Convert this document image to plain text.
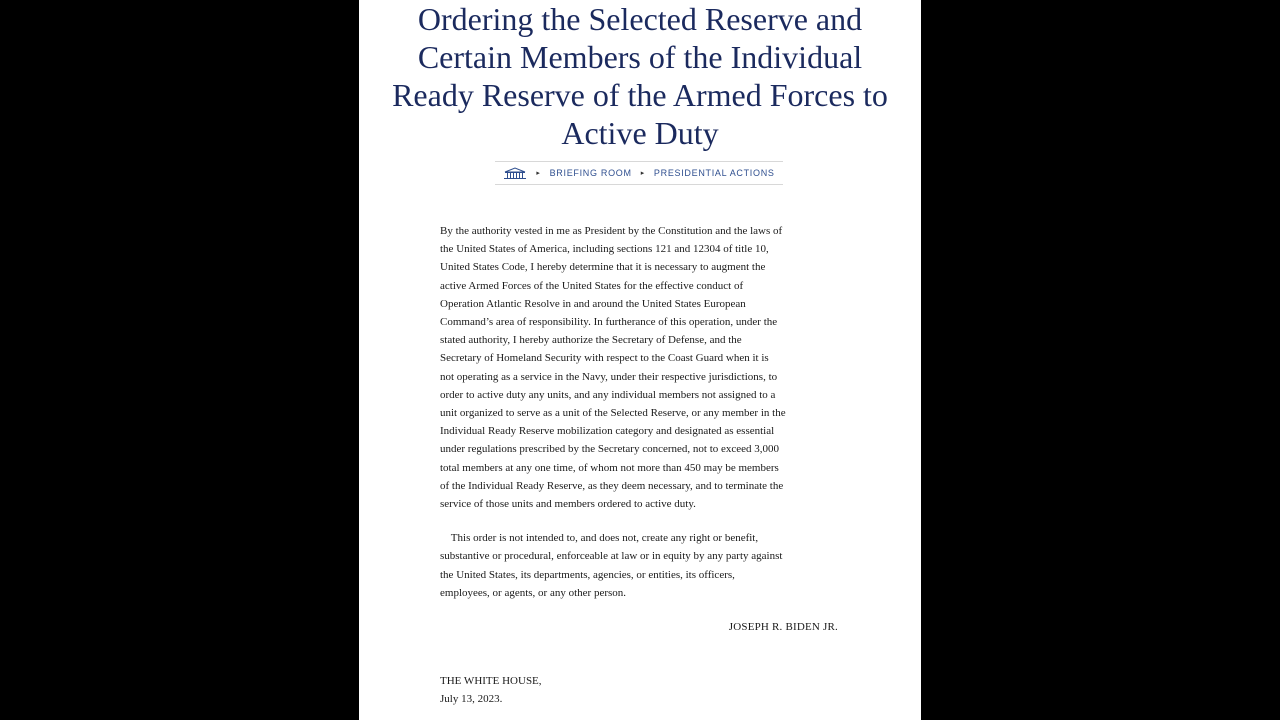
Ordering the Selected Reserve and
Certain Members of the Individual
Ready Reserve of the Armed Forces to
Active Duty
▸ BRIEFING ROOM ▸ PRESIDENTIAL ACTIONS

By the authority vested in me as President by the Constitution and the laws of
the United States of America, including sections 121 and 12304 of title 10,
United States Code, I hereby determine that it is necessary to augment the
active Armed Forces of the United States for the effective conduct of
Operation Atlantic Resolve in and around the United States European
Command’s area of responsibility. In furtherance of this operation, under the
stated authority, I hereby authorize the Secretary of Defense, and the
Secretary of Homeland Security with respect to the Coast Guard when it is
not operating as a service in the Navy, under their respective jurisdictions, to
order to active duty any units, and any individual members not assigned to a
unit organized to serve as a unit of the Selected Reserve, or any member in the
Individual Ready Reserve mobilization category and designated as essential
under regulations prescribed by the Secretary concerned, not to exceed 3,000
total members at any one time, of whom not more than 450 may be members
of the Individual Ready Reserve, as they deem necessary, and to terminate the
service of those units and members ordered to active duty.

This order is not intended to, and does not, create any right or benefit,
substantive or procedural, enforceable at law or in equity by any party against
the United States, its departments, agencies, or entities, its officers,
employees, or agents, or any other person.

JOSEPH R. BIDEN JR.
THE WHITE HOUSE,
July 13, 2023.
